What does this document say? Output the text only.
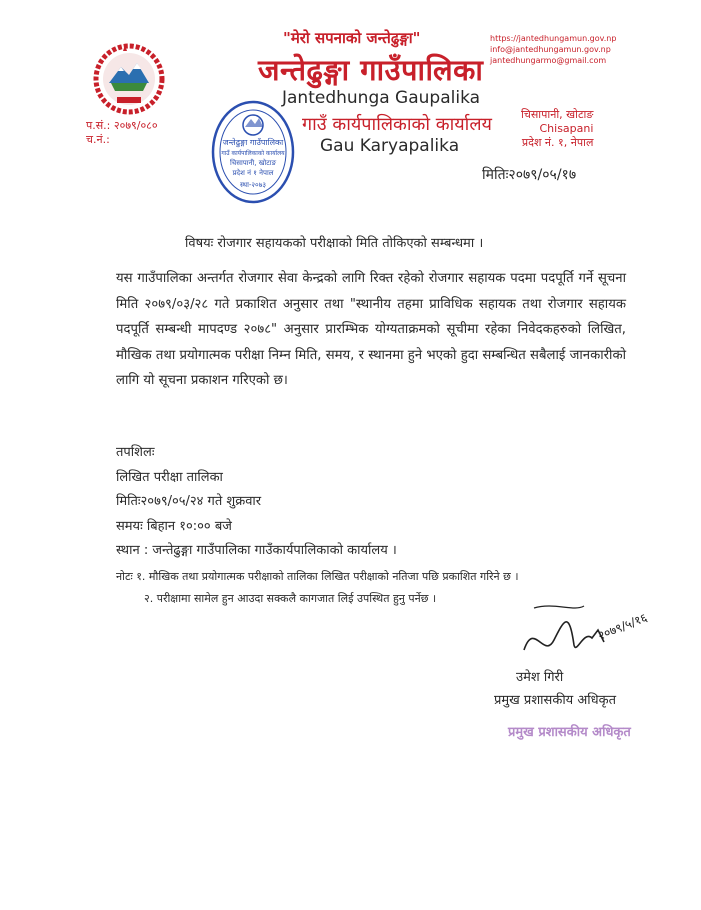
"मेरो सपनाको जन्तेढुङ्गा"
जन्तेढुङ्गा गाउँपालिका
Jantedhunga Gaupalika
गाउँ कार्यपालिकाको कार्यालय
Gau Karyapalika
https://jantedhungamun.gov.np
info@jantedhungamun.gov.np
jantedhungarmo@gmail.com
चिसापानी, खोटाङ
Chisapani
प्रदेश नं. १, नेपाल
प.सं.: २०७९/०८०
च.नं.:
मितिः२०७९/०५/१७
जन्तेढुङ्गा गाउँपालिका
गाउँ कार्यपालिकाको कार्यालय
चिसापानी, खोटाङ
प्रदेश नं १ नेपाल
स्था-२०७३
विषयः रोजगार सहायकको परीक्षाको मिति तोकिएको सम्बन्धमा ।
यस गाउँपालिका अन्तर्गत रोजगार सेवा केन्द्रको लागि रिक्त रहेको रोजगार सहायक पदमा पदपूर्ति गर्ने सूचना मिति २०७९/०३/२८ गते प्रकाशित अनुसार तथा "स्थानीय तहमा प्राविधिक सहायक तथा रोजगार सहायक पदपूर्ति सम्बन्धी मापदण्ड २०७८" अनुसार प्रारम्भिक योग्यताक्रमको सूचीमा रहेका निवेदकहरुको लिखित, मौखिक तथा प्रयोगात्मक परीक्षा निम्न मिति, समय, र स्थानमा हुने भएको हुदा सम्बन्धित सबैलाई जानकारीको लागि यो सूचना प्रकाशन गरिएको छ।
तपशिलः
लिखित परीक्षा तालिका
मितिः२०७९/०५/२४ गते शुक्रवार
समयः बिहान १०:०० बजे
स्थान : जन्तेढुङ्गा गाउँपालिका गाउँकार्यपालिकाको कार्यालय ।
नोटः १. मौखिक तथा प्रयोगात्मक परीक्षाको तालिका लिखित परीक्षाको नतिजा पछि प्रकाशित गरिने छ ।
२. परीक्षामा सामेल हुन आउदा सक्कलै कागजात लिई उपस्थित हुनु पर्नेछ ।
२०७९/५/१६
उमेश गिरी
प्रमुख प्रशासकीय अधिकृत
प्रमुख प्रशासकीय अधिकृत
